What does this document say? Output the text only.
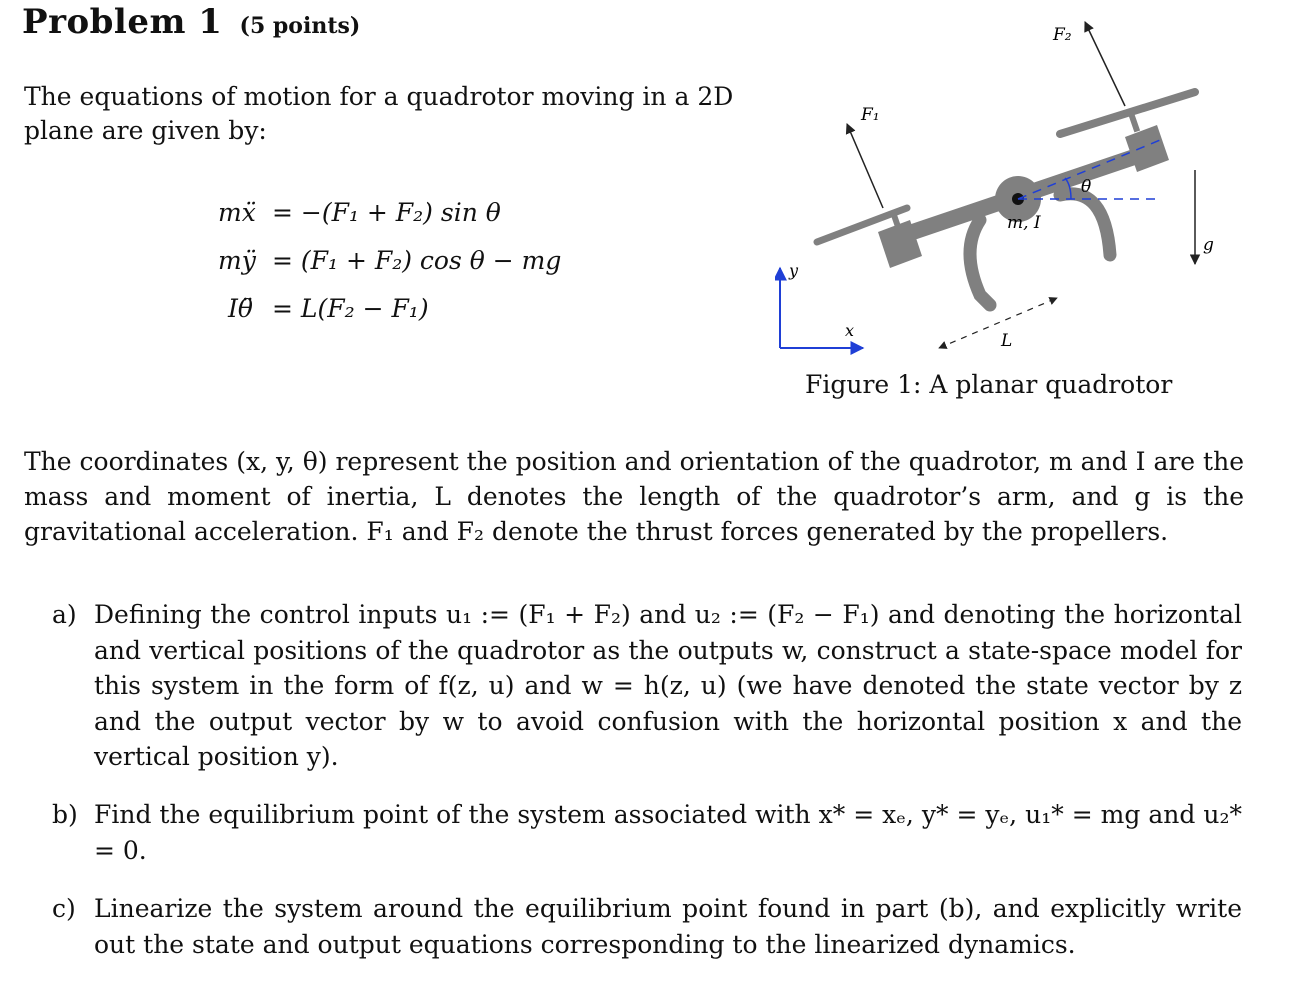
Problem 1 (5 points)
The equations of motion for a quadrotor moving in a 2D plane are given by:
mẍ = −(F₁ + F₂) sin θ
mÿ = (F₁ + F₂) cos θ − mg
Iθ̈ = L(F₂ − F₁)
x
y
θ
m, I
F₁
F₂
g
L
Figure 1: A planar quadrotor
The coordinates (x, y, θ) represent the position and orientation of the quadrotor, m and I are the mass and moment of inertia, L denotes the length of the quadrotor’s arm, and g is the gravitational acceleration. F₁ and F₂ denote the thrust forces generated by the propellers.
a) Defining the control inputs u₁ := (F₁ + F₂) and u₂ := (F₂ − F₁) and denoting the horizontal and vertical positions of the quadrotor as the outputs w, construct a state-space model for this system in the form of f(z, u) and w = h(z, u) (we have denoted the state vector by z and the output vector by w to avoid confusion with the horizontal position x and the vertical position y).
b) Find the equilibrium point of the system associated with x* = xₑ, y* = yₑ, u₁* = mg and u₂* = 0.
c) Linearize the system around the equilibrium point found in part (b), and explicitly write out the state and output equations corresponding to the linearized dynamics.
